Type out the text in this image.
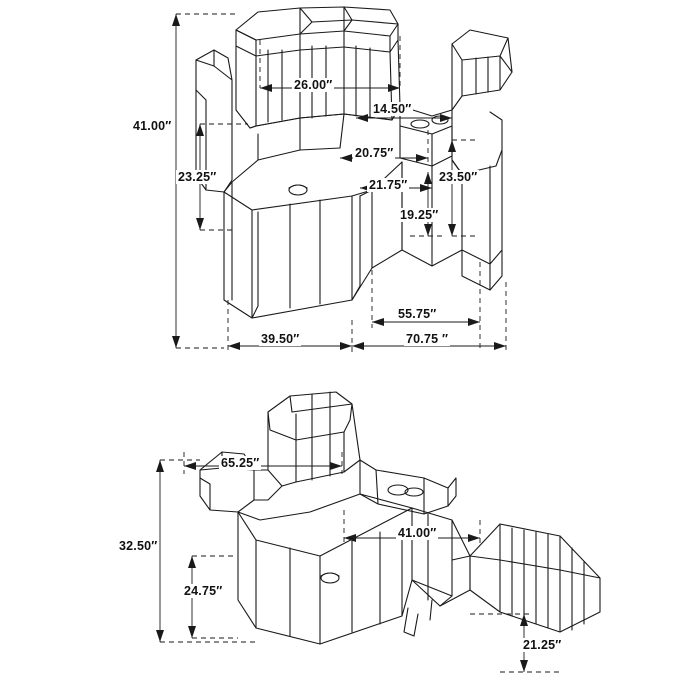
26.00″
14.50″
41.00″
23.25″
20.75″
21.75″
23.50″
19.25″
39.50″
55.75″
70.75 ″
65.25″
32.50″
41.00″
24.75″
21.25″
